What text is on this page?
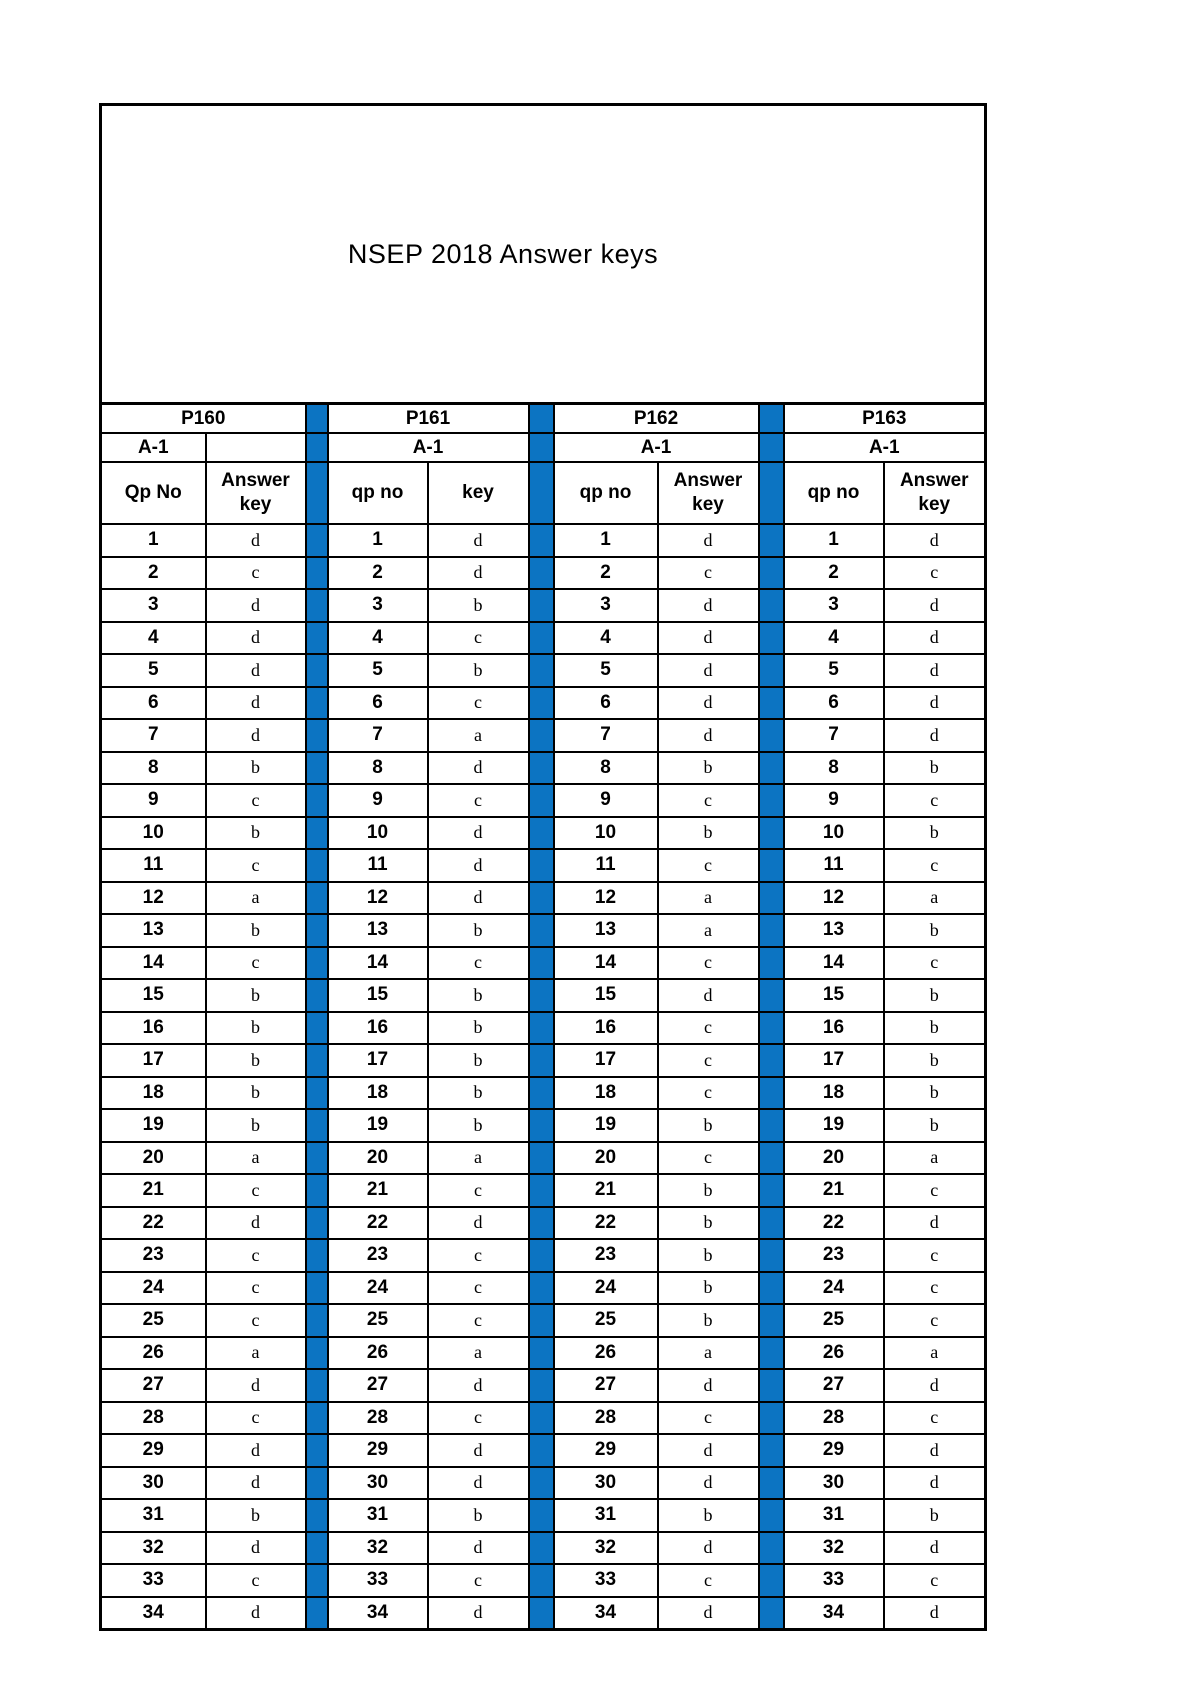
NSEP 2018 Answer keys										
P160			P161			P162			P163	
A-1			A-1			A-1			A-1	
Qp No	Answer key		qp no	key		qp no	Answer key		qp no	Answer key
1	d		1	d		1	d		1	d
2	c		2	d		2	c		2	c
3	d		3	b		3	d		3	d
4	d		4	c		4	d		4	d
5	d		5	b		5	d		5	d
6	d		6	c		6	d		6	d
7	d		7	a		7	d		7	d
8	b		8	d		8	b		8	b
9	c		9	c		9	c		9	c
10	b		10	d		10	b		10	b
11	c		11	d		11	c		11	c
12	a		12	d		12	a		12	a
13	b		13	b		13	a		13	b
14	c		14	c		14	c		14	c
15	b		15	b		15	d		15	b
16	b		16	b		16	c		16	b
17	b		17	b		17	c		17	b
18	b		18	b		18	c		18	b
19	b		19	b		19	b		19	b
20	a		20	a		20	c		20	a
21	c		21	c		21	b		21	c
22	d		22	d		22	b		22	d
23	c		23	c		23	b		23	c
24	c		24	c		24	b		24	c
25	c		25	c		25	b		25	c
26	a		26	a		26	a		26	a
27	d		27	d		27	d		27	d
28	c		28	c		28	c		28	c
29	d		29	d		29	d		29	d
30	d		30	d		30	d		30	d
31	b		31	b		31	b		31	b
32	d		32	d		32	d		32	d
33	c		33	c		33	c		33	c
34	d		34	d		34	d		34	d
